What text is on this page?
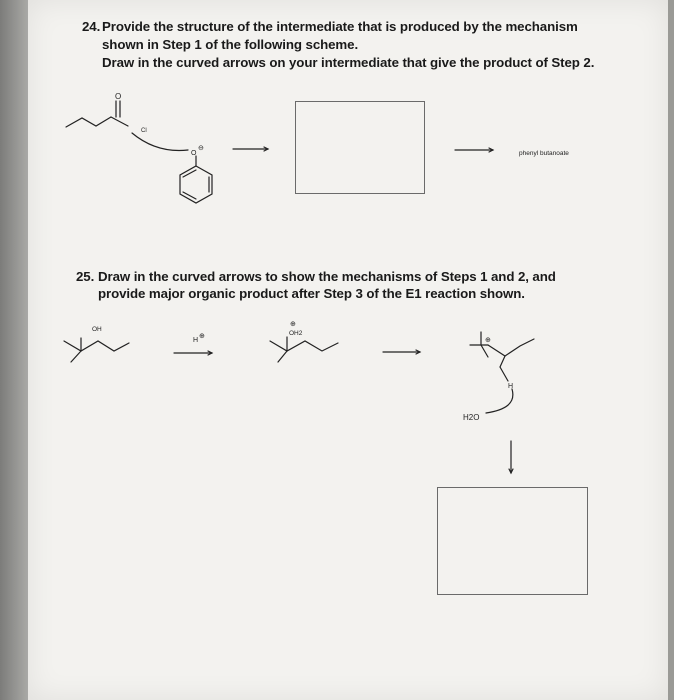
24. Provide the structure of the intermediate that is produced by the mechanism
shown in Step 1 of the following scheme.
Draw in the curved arrows on your intermediate that give the product of Step 2.
25. Draw in the curved arrows to show the mechanisms of Steps 1 and 2, and
provide major organic product after Step 3 of the E1 reaction shown.
O
Cl
O
⊖
phenyl butanoate
OH
H
⊕
⊕
OH2
⊕
H
H2O
